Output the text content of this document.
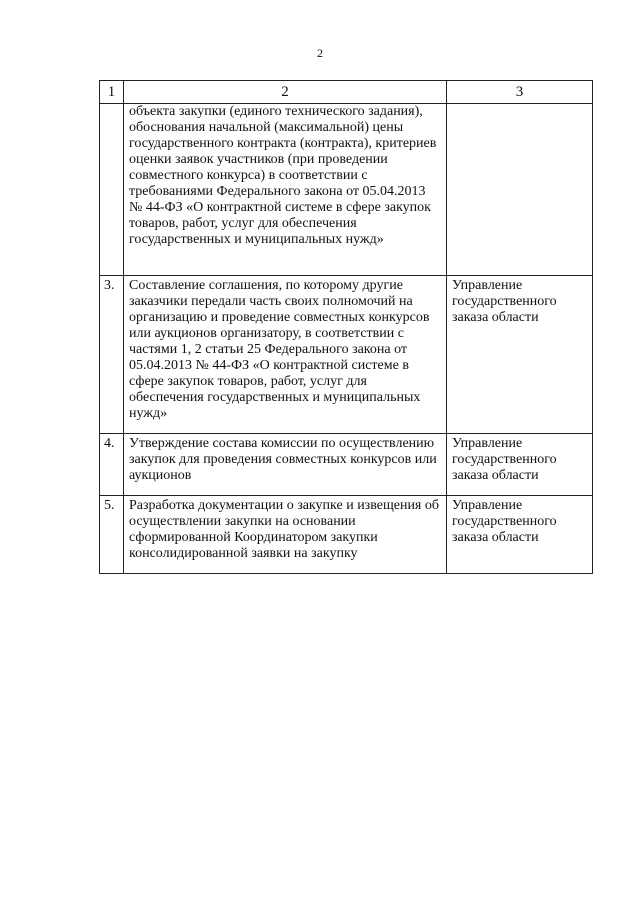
2
1	2	3
	объекта закупки (единого технического задания), обоснования начальной (максимальной) цены государственного контракта (контракта), критериев оценки заявок участников (при проведении совместного конкурса) в соответствии с требованиями Федерального закона от 05.04.2013 № 44-ФЗ «О контрактной системе в сфере закупок товаров, работ, услуг для обеспечения государственных и муниципальных нужд»	
3.	Составление соглашения, по которому другие заказчики передали часть своих полномочий на организацию и проведение совместных конкурсов или аукционов организатору, в соответствии с частями 1, 2 статьи 25 Федерального закона от 05.04.2013 № 44-ФЗ «О контрактной системе в сфере закупок товаров, работ, услуг для обеспечения государственных и муниципальных нужд»	Управление государственного заказа области
4.	Утверждение состава комиссии по осуществлению закупок для проведения совместных конкурсов или аукционов	Управление государственного заказа области
5.	Разработка документации о закупке и извещения об осуществлении закупки на основании сформированной Координатором закупки консолидированной заявки на закупку	Управление государственного заказа области
